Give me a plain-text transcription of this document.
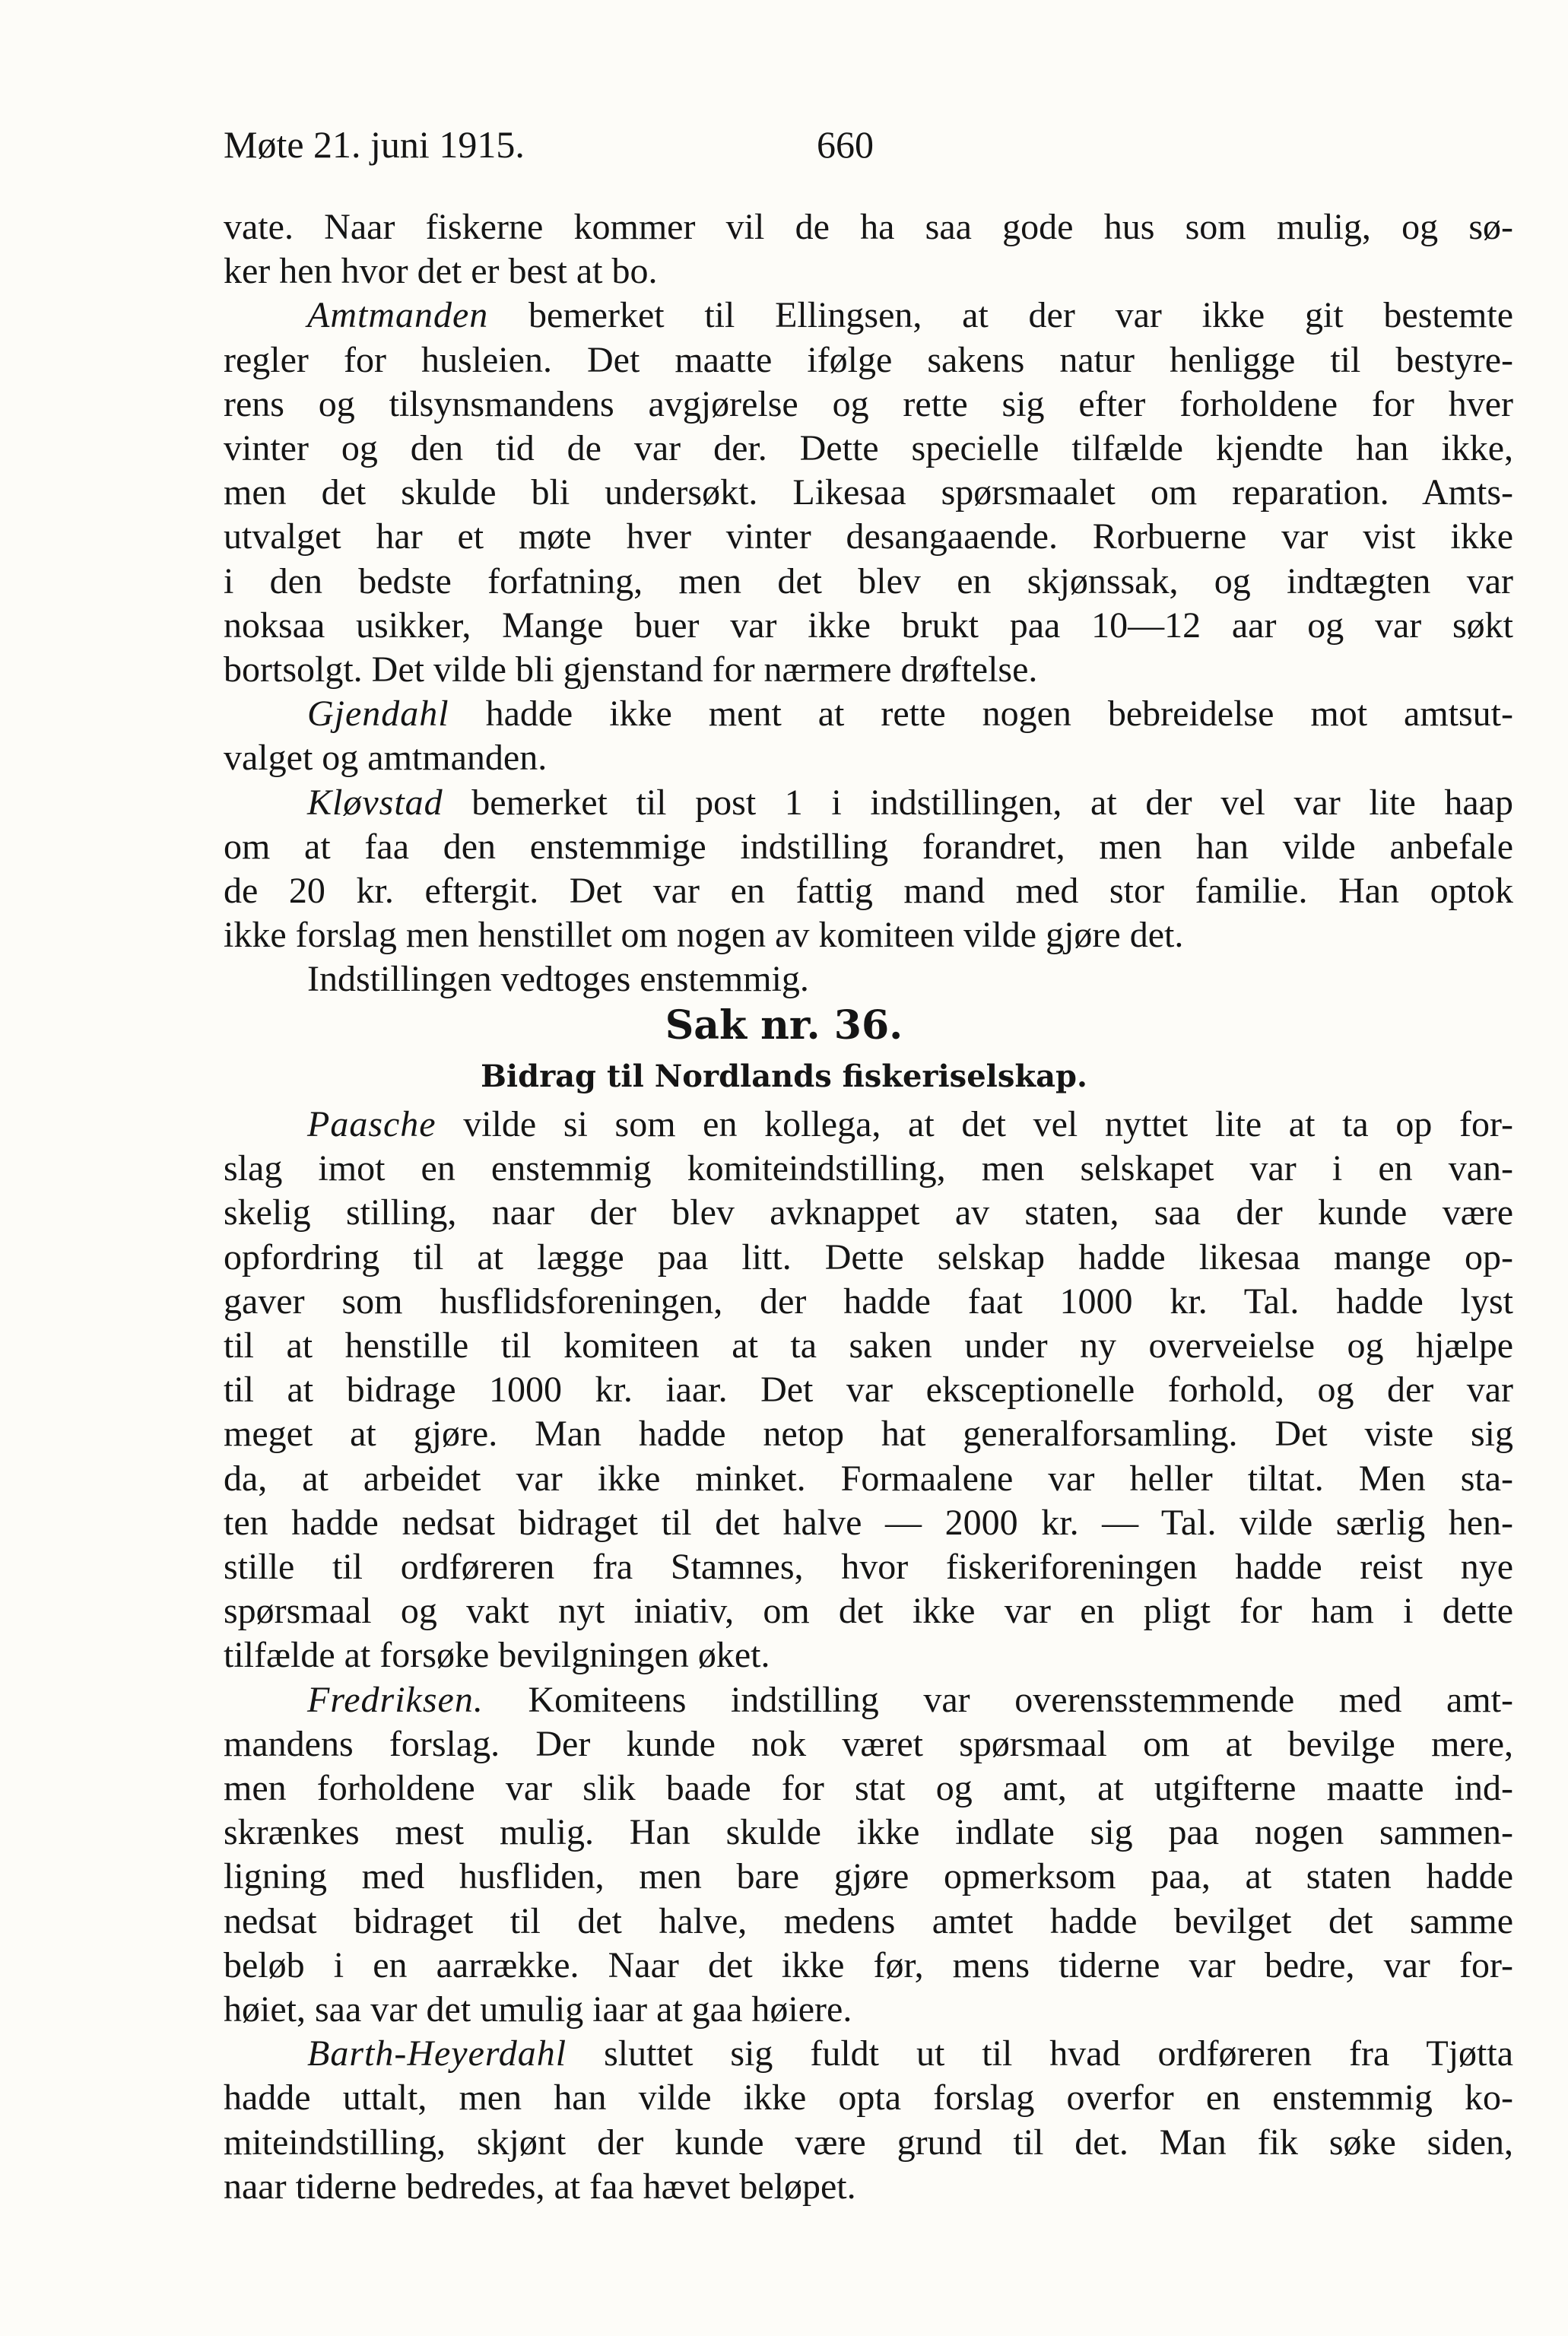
Møte 21. juni 1915.	660
vate. Naar fiskerne kommer vil de ha saa gode hus som mulig, og sø-
ker hen hvor det er best at bo.
Amtmanden bemerket til Ellingsen, at der var ikke git bestemte
regler for husleien. Det maatte ifølge sakens natur henligge til bestyre-
rens og tilsynsmandens avgjørelse og rette sig efter forholdene for hver
vinter og den tid de var der. Dette specielle tilfælde kjendte han ikke,
men det skulde bli undersøkt. Likesaa spørsmaalet om reparation. Amts-
utvalget har et møte hver vinter desangaaende. Rorbuerne var vist ikke
i den bedste forfatning, men det blev en skjønssak, og indtægten var
noksaa usikker, Mange buer var ikke brukt paa 10—12 aar og var søkt
bortsolgt. Det vilde bli gjenstand for nærmere drøftelse.
Gjendahl hadde ikke ment at rette nogen bebreidelse mot amtsut-
valget og amtmanden.
Kløvstad bemerket til post 1 i indstillingen, at der vel var lite haap
om at faa den enstemmige indstilling forandret, men han vilde anbefale
de 20 kr. eftergit. Det var en fattig mand med stor familie. Han optok
ikke forslag men henstillet om nogen av komiteen vilde gjøre det.
Indstillingen vedtoges enstemmig.
Sak nr. 36.
Bidrag til Nordlands fiskeriselskap.
Paasche vilde si som en kollega, at det vel nyttet lite at ta op for-
slag imot en enstemmig komiteindstilling, men selskapet var i en van-
skelig stilling, naar der blev avknappet av staten, saa der kunde være
opfordring til at lægge paa litt. Dette selskap hadde likesaa mange op-
gaver som husflidsforeningen, der hadde faat 1000 kr. Tal. hadde lyst
til at henstille til komiteen at ta saken under ny overveielse og hjælpe
til at bidrage 1000 kr. iaar. Det var eksceptionelle forhold, og der var
meget at gjøre. Man hadde netop hat generalforsamling. Det viste sig
da, at arbeidet var ikke minket. Formaalene var heller tiltat. Men sta-
ten hadde nedsat bidraget til det halve — 2000 kr. — Tal. vilde særlig hen-
stille til ordføreren fra Stamnes, hvor fiskeriforeningen hadde reist nye
spørsmaal og vakt nyt iniativ, om det ikke var en pligt for ham i dette
tilfælde at forsøke bevilgningen øket.
Fredriksen. Komiteens indstilling var overensstemmende med amt-
mandens forslag. Der kunde nok været spørsmaal om at bevilge mere,
men forholdene var slik baade for stat og amt, at utgifterne maatte ind-
skrænkes mest mulig. Han skulde ikke indlate sig paa nogen sammen-
ligning med husfliden, men bare gjøre opmerksom paa, at staten hadde
nedsat bidraget til det halve, medens amtet hadde bevilget det samme
beløb i en aarrække. Naar det ikke før, mens tiderne var bedre, var for-
høiet, saa var det umulig iaar at gaa høiere.
Barth-Heyerdahl sluttet sig fuldt ut til hvad ordføreren fra Tjøtta
hadde uttalt, men han vilde ikke opta forslag overfor en enstemmig ko-
miteindstilling, skjønt der kunde være grund til det. Man fik søke siden,
naar tiderne bedredes, at faa hævet beløpet.
